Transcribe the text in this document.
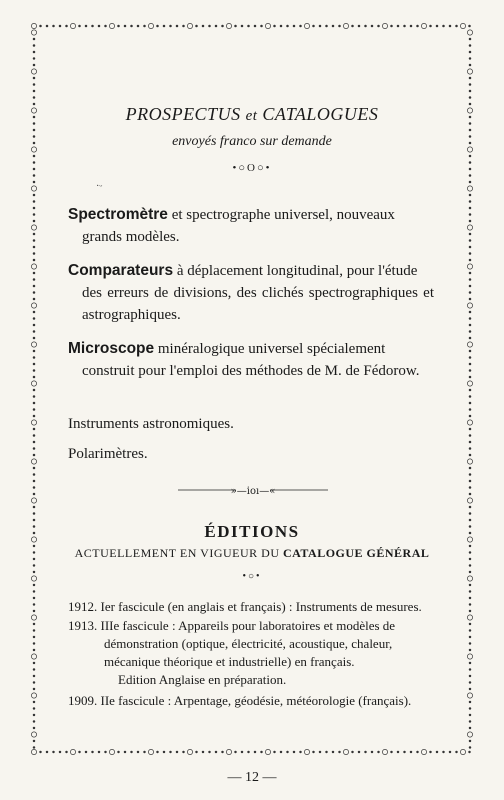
PROSPECTUS et CATALOGUES
envoyés franco sur demande
•○O○•
·ᵕ
Spectromètre et spectrographe universel, nouveaux
grands modèles.
Comparateurs à déplacement longitudinal, pour l'étude
des erreurs de divisions, des clichés spectrographiques et astrographiques.
Microscope minéralogique universel spécialement
construit pour l'emploi des méthodes de M. de Fédorow.
Instruments astronomiques.
Polarimètres.
»—ioı—«
ÉDITIONS
ACTUELLEMENT EN VIGUEUR DU CATALOGUE GÉNÉRAL
•○•
1912. Ier fascicule (en anglais et français) : Instruments de mesures.
1913. IIIe fascicule : Appareils pour laboratoires et modèles de
démonstration (optique, électricité, acoustique, chaleur, mécanique théorique et industrielle) en français.
Edition Anglaise en préparation.
1909. IIe fascicule : Arpentage, géodésie, météorologie (français).
— 12 —
